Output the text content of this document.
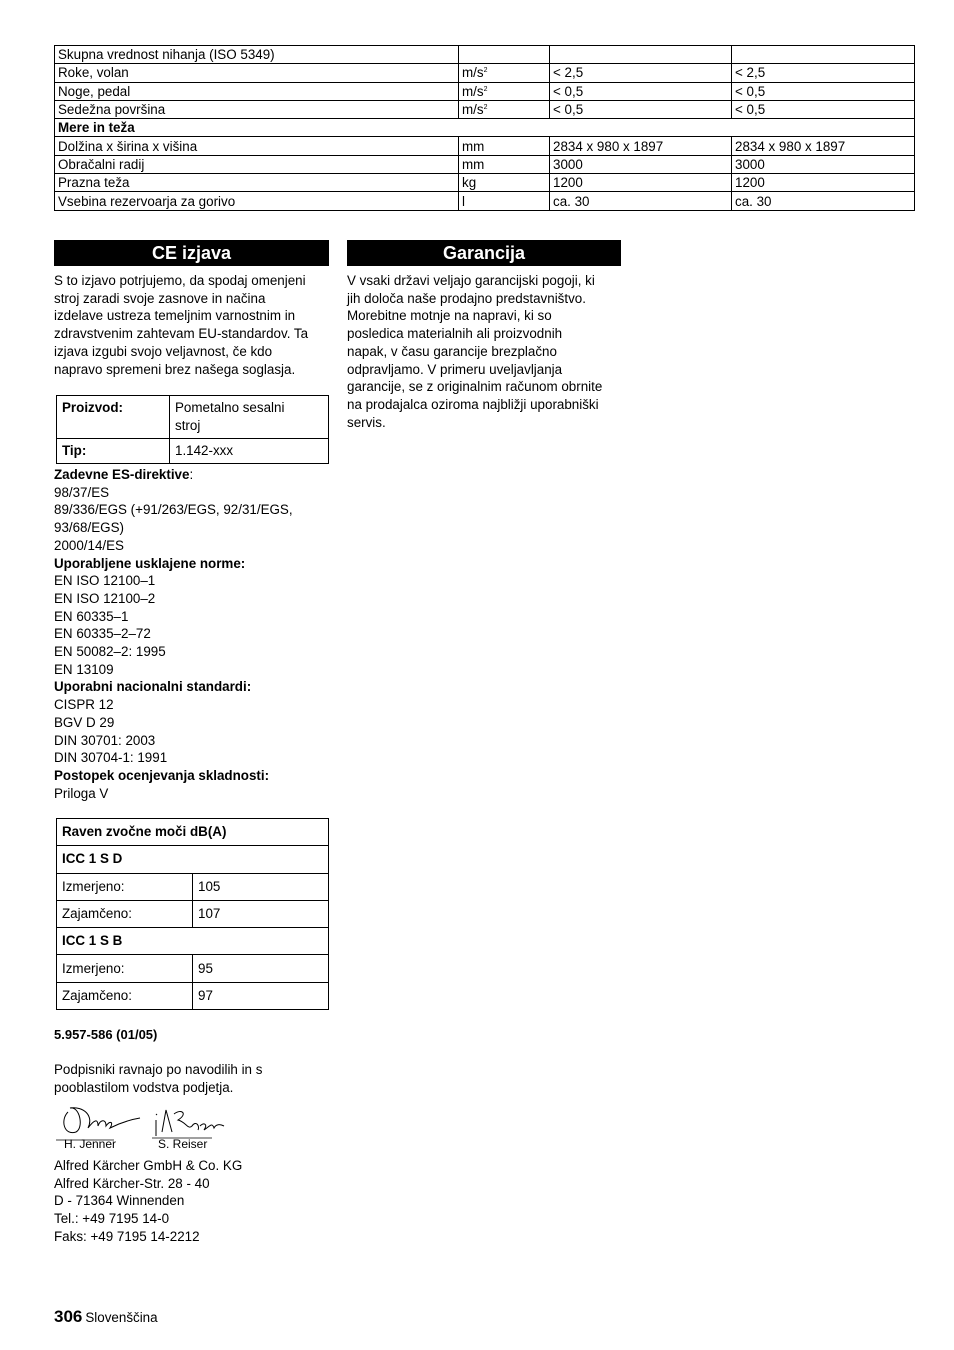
Skupna vrednost nihanja (ISO 5349)			
Roke, volan	$m/s^2$	< 2,5	< 2,5
Noge, pedal	$m/s^2$	< 0,5	< 0,5
Sedežna površina	$m/s^2$	< 0,5	< 0,5
Mere in teža			
Dolžina x širina x višina	mm	2834 x 980 x 1897	2834 x 980 x 1897
Obračalni radij	mm	3000	3000
Prazna teža	kg	1200	1200
Vsebina rezervoarja za gorivo	l	ca. 30	ca. 30
CE izjava	Garancija
S to izjavo potrjujemo, da spodaj omenjeni
stroj zaradi svoje zasnove in načina
izdelave ustreza temeljnim varnostnim in
zdravstvenim zahtevam EU-standardov. Ta
izjava izgubi svojo veljavnost, če kdo
napravo spremeni brez našega soglasja.
V vsaki državi veljajo garancijski pogoji, ki
jih določa naše prodajno predstavništvo.
Morebitne motnje na napravi, ki so
posledica materialnih ali proizvodnih
napak, v času garancije brezplačno
odpravljamo. V primeru uveljavljanja
garancije, se z originalnim računom obrnite
na prodajalca oziroma najbližji uporabniški
servis.
Proizvod:	Pometalno sesalni
stroj

Tip:	1.142-xxx
Zadevne ES-direktive:
98/37/ES
89/336/EGS (+91/263/EGS, 92/31/EGS,
93/68/EGS)
2000/14/ES
Uporabljene usklajene norme:
EN ISO 12100–1
EN ISO 12100–2
EN 60335–1
EN 60335–2–72
EN 50082–2: 1995
EN 13109
Uporabni nacionalni standardi:
CISPR 12
BGV D 29
DIN 30701: 2003
DIN 30704-1: 1991
Postopek ocenjevanja skladnosti:
Priloga V
Raven zvočne moči dB(A)	
ICC 1 S D	
Izmerjeno:	105
Zajamčeno:	107
ICC 1 S B	
Izmerjeno:	95
Zajamčeno:	97
5.957-586 (01/05)
Podpisniki ravnajo po navodilih in s
pooblastilom vodstva podjetja.
H. Jenner	S. Reiser
Alfred Kärcher GmbH & Co. KG
Alfred Kärcher-Str. 28 - 40
D - 71364 Winnenden
Tel.: +49 7195 14-0
Faks: +49 7195 14-2212
306 Slovenščina
